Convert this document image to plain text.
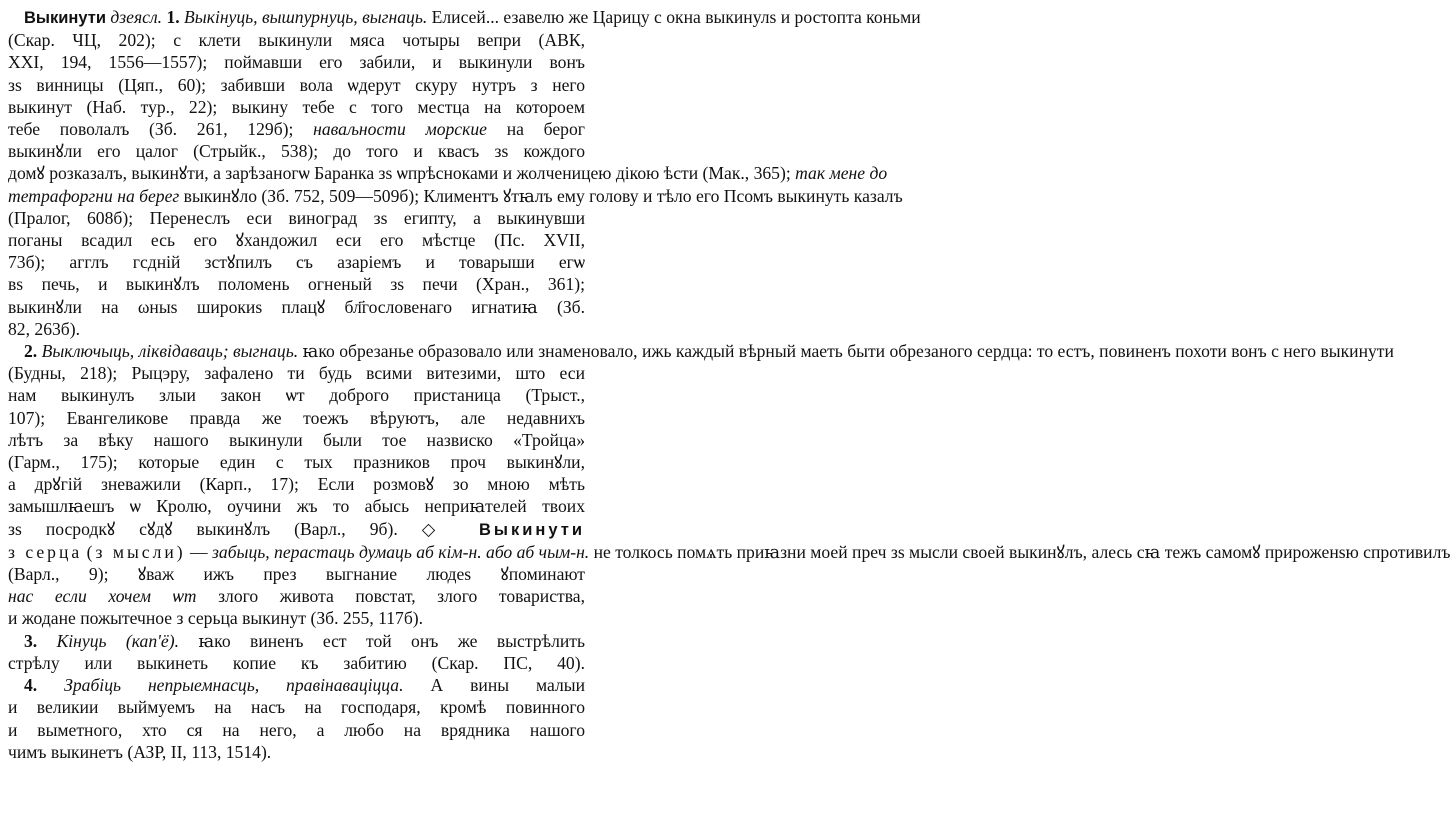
Выкинути дзеясл. 1. Выкінуць, вышпурнуць, выгнаць. Елисей... езавелю же Царицу с окна выкинулѕ и ростопта коньми
(Скар. ЧЦ, 202); с клети выкинули мяса чотыры вепри (АВК,
XXI, 194, 1556—1557); поймавши его забили, и выкинули вонъ
зѕ винницы (Цяп., 60); забивши вола ѡдерут скуру нутръ з него
выкинут (Наб. тур., 22); выкину тебе с того местца на котороем
тебе поволалъ (Зб. 261, 129б); наваљности морские на берог
выкинꙋли его цалог (Стрыйк., 538); до того и квасъ зѕ кождого
домꙋ розказалъ, выкинꙋти, а зарѣзаногѡ Баранка зѕ ѡпрѣсноками и жолченицею дікою ѣсти (Мак., 365); так мене до
тетрафоргни на берег выкинꙋло (Зб. 752, 509—509б); Климентъ ꙋтꙗлъ ему голову и тѣло его Псомъ выкинуть казалъ
(Пралог, 608б); Перенеслъ еси виноград зѕ египту, а выкинувши
поганы всадил есь его ꙋхандожил еси его мѣстце (Пс. XVII,
73б); агглъ гсдній зстꙋпилъ съ азаріемъ и товарыши егѡ
вѕ печь, и выкинꙋлъ поломень огненый зѕ печи (Хран., 361);
выкинꙋли на ωныѕ широкиѕ плацꙋ бл҃гословенаго игнатиꙗ (Зб.
82, 263б).
2. Выключыць, ліквідаваць; выгнаць. ꙗко обрезанье образовало или знаменовало, ижь каждый вѣрный маеть быти обрезаного сердца: то естъ, повиненъ похоти вонъ с него выкинути
(Будны, 218); Рыцэру, зафалено ти будь всими витезими, што еси
нам выкинулъ злыи закон ѡт доброго пристаница (Трыст.,
107); Евангеликове правда же тоежъ вѣруютъ, але недавнихъ
лѣтъ за вѣку нашого выкинули были тое назвиско «Тройца»
(Гарм., 175); которые един с тых празников проч выкинꙋли,
а дрꙋгій зневажили (Карп., 17); Если розмовꙋ зо мною мѣть
замышлꙗешъ ѡ Кролю, оучини жъ то абысь неприꙗтелей твоих
зѕ посродкꙋ сꙋдꙋ выкинꙋлъ (Варл., 9б). ◇ Выкинути
з серца (з мысли) — забыць, перастаць думаць аб кім-н. або аб чым-н. не толкось помѧть приꙗзни моей преч зѕ мысли своей выкинꙋлъ, алесь сꙗ тежъ самомꙋ прироженѕю спротивилъ
(Варл., 9); ꙋваж ижъ през выгнание людеѕ ꙋпоминают
нас если хочем ѡт злого живота повстат, злого товариства,
и жодане пожытечное з серьца выкинут (Зб. 255, 117б).
3. Кінуць (кап'ё). ꙗко виненъ ест той онъ же выстрѣлить
стрѣлу или выкинеть копие къ забитию (Скар. ПС, 40).
4. Зрабіць непрыемнасць, правінаваціцца. А вины малыи
и великии выймуемъ на насъ на господаря, кромѣ повинного
и выметного, хто ся на него, а любо на врядника нашого
чимъ выкинетъ (АЗР, II, 113, 1514).
